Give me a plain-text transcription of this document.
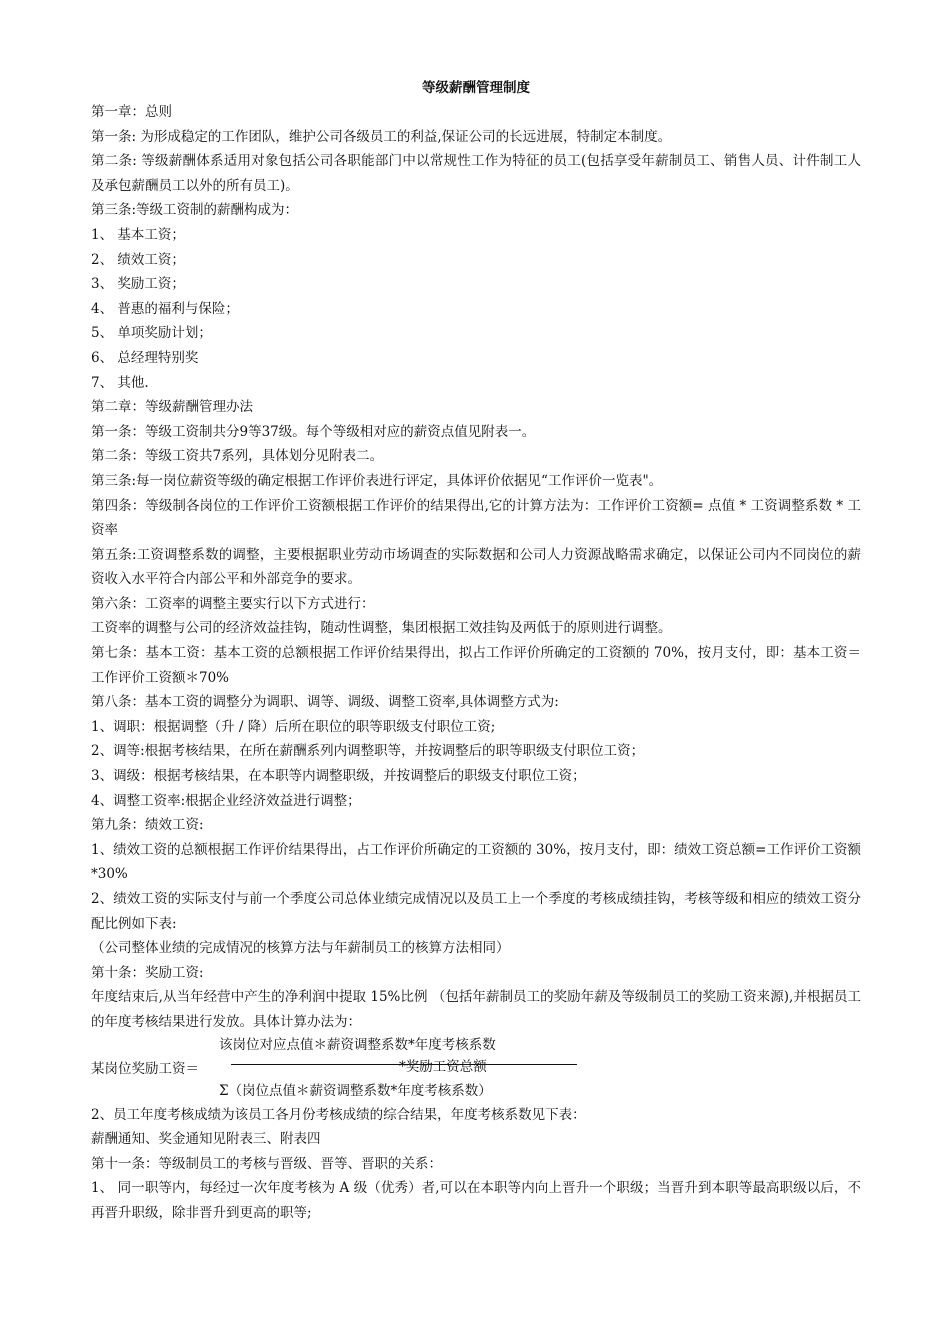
等级薪酬管理制度

第一章：总则

第一条: 为形成稳定的工作团队，维护公司各级员工的利益,保证公司的长远进展，特制定本制度。

第二条: 等级薪酬体系适用对象包括公司各职能部门中以常规性工作为特征的员工(包括享受年薪制员工、销售人员、计件制工人及承包薪酬员工以外的所有员工)。

第三条:等级工资制的薪酬构成为：

1、 基本工资；

2、 绩效工资；

3、 奖励工资；

4、 普惠的福利与保险；

5、 单项奖励计划；

6、 总经理特别奖

7、 其他.

第二章：等级薪酬管理办法

第一条：等级工资制共分9等37级。每个等级相对应的薪资点值见附表一。

第二条：等级工资共7系列，具体划分见附表二。

第三条:每一岗位薪资等级的确定根据工作评价表进行评定，具体评价依据见“工作评价一览表"。

第四条：等级制各岗位的工作评价工资额根据工作评价的结果得出,它的计算方法为：工作评价工资额= 点值 * 工资调整系数 * 工资率

第五条:工资调整系数的调整，主要根据职业劳动市场调查的实际数据和公司人力资源战略需求确定，以保证公司内不同岗位的薪资收入水平符合内部公平和外部竞争的要求。

第六条：工资率的调整主要实行以下方式进行：

工资率的调整与公司的经济效益挂钩，随动性调整，集团根据工效挂钩及两低于的原则进行调整。

第七条：基本工资：基本工资的总额根据工作评价结果得出，拟占工作评价所确定的工资额的 70%，按月支付，即：基本工资＝工作评价工资额＊70%

第八条：基本工资的调整分为调职、调等、调级、调整工资率,具体调整方式为:

1、调职：根据调整（升 / 降）后所在职位的职等职级支付职位工资;

2、调等:根据考核结果，在所在薪酬系列内调整职等，并按调整后的职等职级支付职位工资；

3、调级：根据考核结果，在本职等内调整职级，并按调整后的职级支付职位工资；

4、调整工资率:根据企业经济效益进行调整；

第九条：绩效工资:

1、绩效工资的总额根据工作评价结果得出，占工作评价所确定的工资额的 30%，按月支付，即：绩效工资总额=工作评价工资额*30%

2、绩效工资的实际支付与前一个季度公司总体业绩完成情况以及员工上一个季度的考核成绩挂钩，考核等级和相应的绩效工资分配比例如下表:

（公司整体业绩的完成情况的核算方法与年薪制员工的核算方法相同）

第十条：奖励工资:

年度结束后,从当年经营中产生的净利润中提取 15%比例 （包括年薪制员工的奖励年薪及等级制员工的奖励工资来源),并根据员工的年度考核结果进行发放。具体计算办法为：

某岗位奖励工资＝
该岗位对应点值＊薪资调整系数*年度考核系数
*奖励工资总额
Σ（岗位点值＊薪资调整系数*年度考核系数）

2、员工年度考核成绩为该员工各月份考核成绩的综合结果，年度考核系数见下表：

薪酬通知、奖金通知见附表三、附表四

第十一条：等级制员工的考核与晋级、晋等、晋职的关系：

1、 同一职等内，每经过一次年度考核为 A 级（优秀）者,可以在本职等内向上晋升一个职级；当晋升到本职等最高职级以后，不再晋升职级，除非晋升到更高的职等;
